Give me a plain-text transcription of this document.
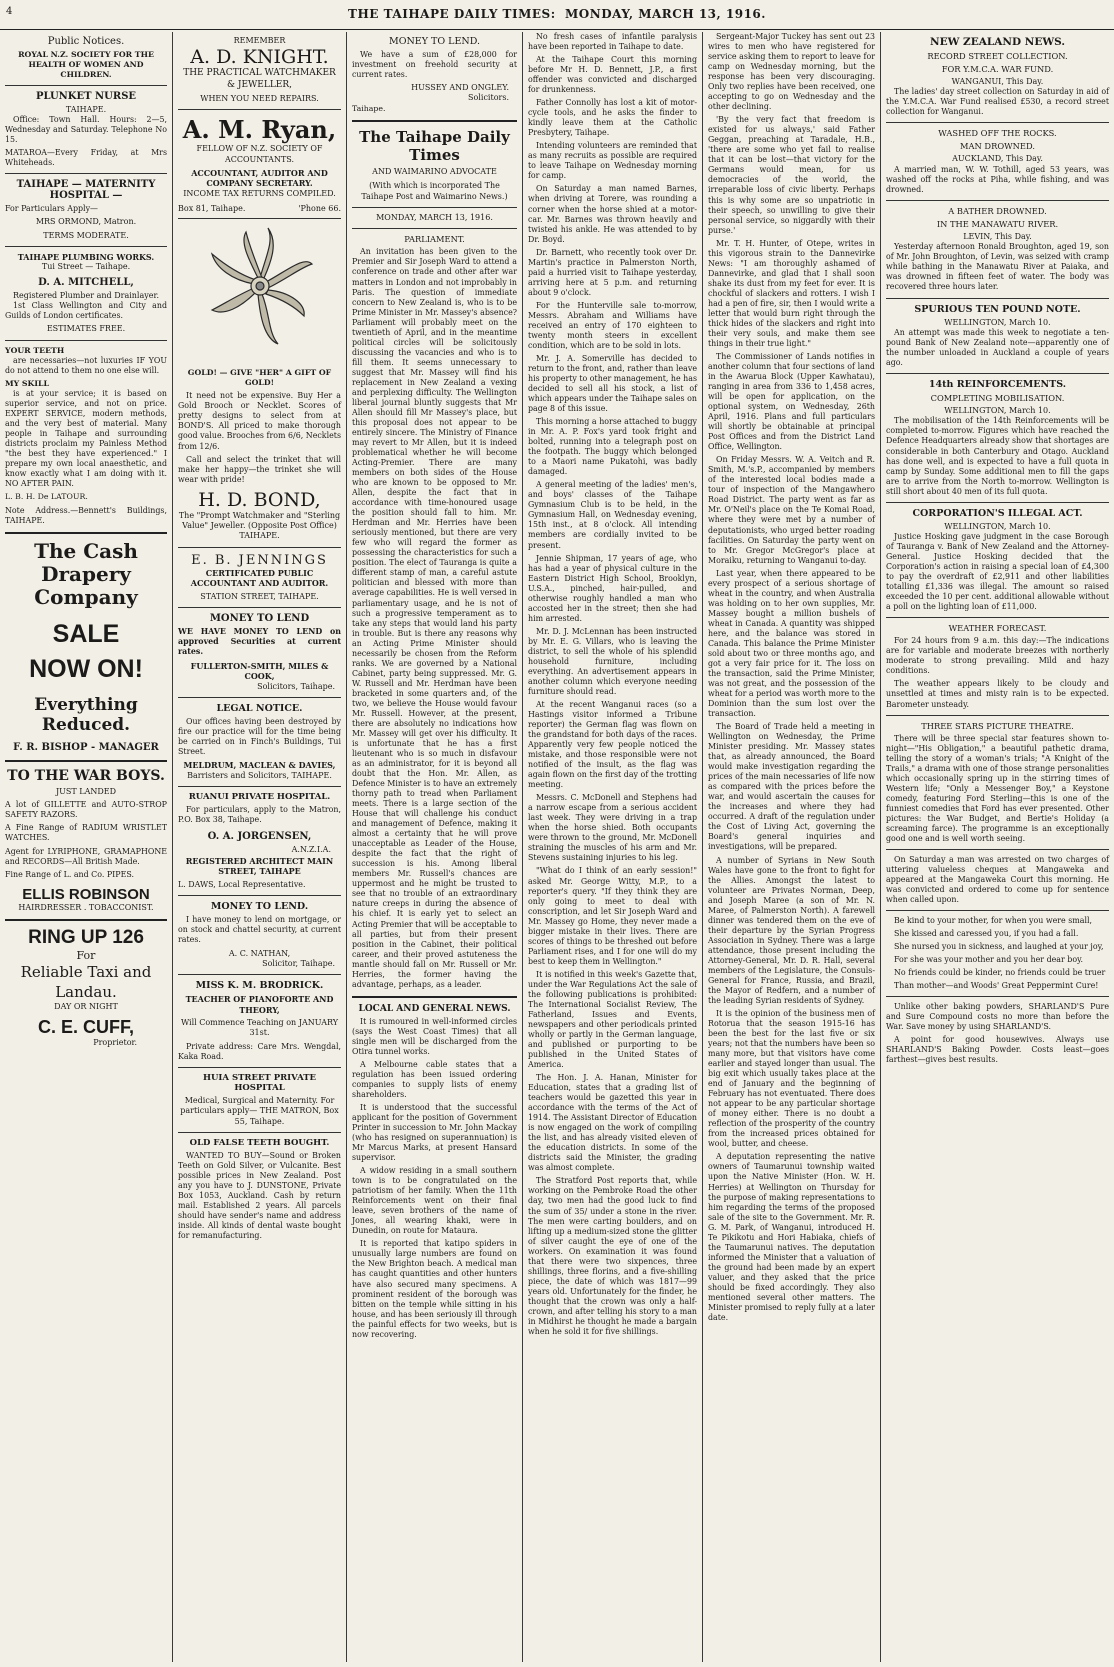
4	THE TAIHAPE DAILY TIMES: MONDAY, MARCH 13, 1916.
Public Notices.

ROYAL N.Z. SOCIETY FOR THE HEALTH OF WOMEN AND CHILDREN.

PLUNKET NURSE
TAIHAPE.

Office: Town Hall. Hours: 2—5, Wednesday and Saturday. Telephone No 15.

MATAROA—Every Friday, at Mrs Whiteheads.

TAIHAPE — MATERNITY HOSPITAL —

For Particulars Apply—

MRS ORMOND, Matron.
TERMS MODERATE.
TAIHAPE PLUMBING WORKS.
Tui Street — Taihape.
D. A. MITCHELL,
Registered Plumber and Drainlayer.

1st Class Wellington and City and Guilds of London certificates.

ESTIMATES FREE.
YOUR TEETH

are necessaries—not luxuries IF YOU do not attend to them no one else will.

MY SKILL

is at your service; it is based on superior service, and not on price. EXPERT SERVICE, modern methods, and the very best of material. Many people in Taihape and surrounding districts proclaim my Painless Method "the best they have experienced." I prepare my own local anaesthetic, and know exactly what I am doing with it. NO AFTER PAIN.

L. B. H. De LATOUR.

Note Address.—Bennett's Buildings, TAIHAPE.

The Cash Drapery Company
SALE NOW ON!
Everything Reduced.
F. R. BISHOP - MANAGER
TO THE WAR BOYS.
JUST LANDED

A lot of GILLETTE and AUTO-STROP SAFETY RAZORS.

A Fine Range of RADIUM WRISTLET WATCHES.

Agent for LYRIPHONE, GRAMAPHONE and RECORDS—All British Made.

Fine Range of L. and Co. PIPES.

ELLIS ROBINSON
HAIRDRESSER . TOBACCONIST.
RING UP 126
For
Reliable Taxi and Landau.
DAY OR NIGHT
C. E. CUFF,
Proprietor.
REMEMBER
A. D. KNIGHT.
THE PRACTICAL WATCHMAKER & JEWELLER,
WHEN YOU NEED REPAIRS.
A. M. Ryan,
FELLOW OF N.Z. SOCIETY OF ACCOUNTANTS.
ACCOUNTANT, AUDITOR AND COMPANY SECRETARY.
INCOME TAX RETURNS COMPILED.
Box 81, Taihape.	'Phone 66.
GOLD! — GIVE "HER" A GIFT OF GOLD!

It need not be expensive. Buy Her a Gold Brooch or Necklet. Scores of pretty designs to select from at BOND'S. All priced to make thorough good value. Brooches from 6/6, Necklets from 12/6.

Call and select the trinket that will make her happy—the trinket she will wear with pride!

H. D. BOND,
The "Prompt Watchmaker and "Sterling Value" Jeweller. (Opposite Post Office) TAIHAPE.
E. B. JENNINGS
CERTIFICATED PUBLIC ACCOUNTANT AND AUDITOR.
STATION STREET, TAIHAPE.
MONEY TO LEND

WE HAVE MONEY TO LEND on approved Securities at current rates.

FULLERTON-SMITH, MILES & COOK,
Solicitors, Taihape.
LEGAL NOTICE.

Our offices having been destroyed by fire our practice will for the time being be carried on in Finch's Buildings, Tui Street.

MELDRUM, MACLEAN & DAVIES,
Barristers and Solicitors, TAIHAPE.
RUANUI PRIVATE HOSPITAL.

For particulars, apply to the Matron, P.O. Box 38, Taihape.

O. A. JORGENSEN,
A.N.Z.I.A.
REGISTERED ARCHITECT MAIN STREET, TAIHAPE

L. DAWS, Local Representative.

MONEY TO LEND.

I have money to lend on mortgage, or on stock and chattel security, at current rates.

A. C. NATHAN,
Solicitor, Taihape.
MISS K. M. BRODRICK.
TEACHER OF PIANOFORTE AND THEORY,
Will Commence Teaching on JANUARY 31st.

Private address: Care Mrs. Wengdal, Kaka Road.

HUIA STREET PRIVATE HOSPITAL
Medical, Surgical and Maternity. For particulars apply— THE MATRON, Box 55, Taihape.
OLD FALSE TEETH BOUGHT.

WANTED TO BUY—Sound or Broken Teeth on Gold Silver, or Vulcanite. Best possible prices in New Zealand. Post any you have to J. DUNSTONE, Private Box 1053, Auckland. Cash by return mail. Established 2 years. All parcels should have sender's name and address inside. All kinds of dental waste bought for remanufacturing.

MONEY TO LEND.

We have a sum of £28,000 for investment on freehold security at current rates.

HUSSEY AND ONGLEY.
Solicitors.
Taihape.
The Taihape Daily Times
AND WAIMARINO ADVOCATE
(With which is incorporated The Taihape Post and Waimarino News.)
MONDAY, MARCH 13, 1916.
PARLIAMENT.

An invitation has been given to the Premier and Sir Joseph Ward to attend a conference on trade and other after war matters in London and not improbably in Paris. The question of immediate concern to New Zealand is, who is to be Prime Minister in Mr. Massey's absence? Parliament will probably meet on the twentieth of April, and in the meantime political circles will be solicitously discussing the vacancies and who is to fill them. It seems unnecessary to suggest that Mr. Massey will find his replacement in New Zealand a vexing and perplexing difficulty. The Wellington liberal journal bluntly suggests that Mr Allen should fill Mr Massey's place, but this proposal does not appear to be entirely sincere. The Ministry of Finance may revert to Mr Allen, but it is indeed problematical whether he will become Acting-Premier. There are many members on both sides of the House who are known to be opposed to Mr. Allen, despite the fact that in accordance with time-honoured usage the position should fall to him. Mr. Herdman and Mr. Herries have been seriously mentioned, but there are very few who will regard the former as possessing the characteristics for such a position. The elect of Tauranga is quite a different stamp of man, a careful astute politician and blessed with more than average capabilities. He is well versed in parliamentary usage, and he is not of such a progressive temperament as to take any steps that would land his party in trouble. But is there any reasons why an Acting Prime Minister should necessarily be chosen from the Reform ranks. We are governed by a National Cabinet, party being suppressed. Mr. G. W. Russell and Mr. Herdman have been bracketed in some quarters and, of the two, we believe the House would favour Mr. Russell. However, at the present, there are absolutely no indications how Mr. Massey will get over his difficulty. It is unfortunate that he has a first lieutenant who is so much in disfavour as an administrator, for it is beyond all doubt that the Hon. Mr. Allen, as Defence Minister is to have an extremely thorny path to tread when Parliament meets. There is a large section of the House that will challenge his conduct and management of Defence, making it almost a certainty that he will prove unacceptable as Leader of the House, despite the fact that the right of succession is his. Among liberal members Mr. Russell's chances are uppermost and he might be trusted to see that no trouble of an extraordinary nature creeps in during the absence of his chief. It is early yet to select an Acting Premier that will be acceptable to all parties, but from their present position in the Cabinet, their political career, and their proved astuteness the mantle should fall on Mr. Russell or Mr. Herries, the former having the advantage, perhaps, as a leader.

LOCAL AND GENERAL NEWS.

It is rumoured in well-informed circles (says the West Coast Times) that all single men will be discharged from the Otira tunnel works.

A Melbourne cable states that a regulation has been issued ordering companies to supply lists of enemy shareholders.

It is understood that the successful applicant for the position of Government Printer in succession to Mr. John Mackay (who has resigned on superannuation) is Mr Marcus Marks, at present Hansard supervisor.

A widow residing in a small southern town is to be congratulated on the patriotism of her family. When the 11th Reinforcements went on their final leave, seven brothers of the name of Jones, all wearing khaki, were in Dunedin, on route for Mataura.

It is reported that katipo spiders in unusually large numbers are found on the New Brighton beach. A medical man has caught quantities and other hunters have also secured many specimens. A prominent resident of the borough was bitten on the temple while sitting in his house, and has been seriously ill through the painful effects for two weeks, but is now recovering.

No fresh cases of infantile paralysis have been reported in Taihape to date.

At the Taihape Court this morning before Mr H. D. Bennett, J.P., a first offender was convicted and discharged for drunkenness.

Father Connolly has lost a kit of motor-cycle tools, and he asks the finder to kindly leave them at the Catholic Presbytery, Taihape.

Intending volunteers are reminded that as many recruits as possible are required to leave Taihape on Wednesday morning for camp.

On Saturday a man named Barnes, when driving at Torere, was rounding a corner when the horse shied at a motor-car. Mr. Barnes was thrown heavily and twisted his ankle. He was attended to by Dr. Boyd.

Dr. Barnett, who recently took over Dr. Martin's practice in Palmerston North, paid a hurried visit to Taihape yesterday, arriving here at 5 p.m. and returning about 9 o'clock.

For the Hunterville sale to-morrow, Messrs. Abraham and Williams have received an entry of 170 eighteen to twenty month steers in excellent condition, which are to be sold in lots.

Mr. J. A. Somerville has decided to return to the front, and, rather than leave his property to other management, he has decided to sell all his stock, a list of which appears under the Taihape sales on page 8 of this issue.

This morning a horse attached to buggy in Mr. A. P. Fox's yard took fright and bolted, running into a telegraph post on the footpath. The buggy which belonged to a Maori name Pukatohi, was badly damaged.

A general meeting of the ladies' men's, and boys' classes of the Taihape Gymnasium Club is to be held, in the Gymnasium Hall, on Wednesday evening, 15th inst., at 8 o'clock. All intending members are cordially invited to be present.

Jennie Shipman, 17 years of age, who has had a year of physical culture in the Eastern District High School, Brooklyn, U.S.A., pinched, hair-pulled, and otherwise roughly handled a man who accosted her in the street; then she had him arrested.

Mr. D. J. McLennan has been instructed by Mr. E. G. Villars, who is leaving the district, to sell the whole of his splendid household furniture, including everything. An advertisement appears in another column which everyone needing furniture should read.

At the recent Wanganui races (so a Hastings visitor informed a Tribune reporter) the German flag was flown on the grandstand for both days of the races. Apparently very few people noticed the mistake, and those responsible were not notified of the insult, as the flag was again flown on the first day of the trotting meeting.

Messrs. C. McDonell and Stephens had a narrow escape from a serious accident last week. They were driving in a trap when the horse shied. Both occupants were thrown to the ground, Mr. McDonell straining the muscles of his arm and Mr. Stevens sustaining injuries to his leg.

"What do I think of an early session!" asked Mr. George Witty, M.P., to a reporter's query. "If they think they are only going to meet to deal with conscription, and let Sir Joseph Ward and Mr. Massey go Home, they never made a bigger mistake in their lives. There are scores of things to be threshed out before Parliament rises, and I for one will do my best to keep them in Wellington."

It is notified in this week's Gazette that, under the War Regulations Act the sale of the following publications is prohibited: The International Socialist Review, The Fatherland, Issues and Events, newspapers and other periodicals printed wholly or partly in the German language, and published or purporting to be published in the United States of America.

The Hon. J. A. Hanan, Minister for Education, states that a grading list of teachers would be gazetted this year in accordance with the terms of the Act of 1914. The Assistant Director of Education is now engaged on the work of compiling the list, and has already visited eleven of the education districts. In some of the districts said the Minister, the grading was almost complete.

The Stratford Post reports that, while working on the Pembroke Road the other day, two men had the good luck to find the sum of 35/ under a stone in the river. The men were carting boulders, and on lifting up a medium-sized stone the glitter of silver caught the eye of one of the workers. On examination it was found that there were two sixpences, three shillings, three florins, and a five-shilling piece, the date of which was 1817—99 years old. Unfortunately for the finder, he thought that the crown was only a half-crown, and after telling his story to a man in Midhirst he thought he made a bargain when he sold it for five shillings.

Sergeant-Major Tuckey has sent out 23 wires to men who have registered for service asking them to report to leave for camp on Wednesday morning, but the response has been very discouraging. Only two replies have been received, one accepting to go on Wednesday and the other declining.

'By the very fact that freedom is existed for us always,' said Father Geggan, preaching at Taradale, H.B., 'there are some who yet fail to realise that it can be lost—that victory for the Germans would mean, for us democracies of the world, the irreparable loss of civic liberty. Perhaps this is why some are so unpatriotic in their speech, so unwilling to give their personal service, so niggardly with their purse.'

Mr. T. H. Hunter, of Otepe, writes in this vigorous strain to the Dannevirke News: "I am thoroughly ashamed of Dannevirke, and glad that I shall soon shake its dust from my feet for ever. It is chockful of slackers and rotters. I wish I had a pen of fire, sir, then I would write a letter that would burn right through the thick hides of the slackers and right into their very souls, and make them see things in their true light."

The Commissioner of Lands notifies in another column that four sections of land in the Awarua Block (Upper Kawhatau), ranging in area from 336 to 1,458 acres, will be open for application, on the optional system, on Wednesday, 26th April, 1916. Plans and full particulars will shortly be obtainable at principal Post Offices and from the District Land Office, Wellington.

On Friday Messrs. W. A. Veitch and R. Smith, M.'s.P., accompanied by members of the interested local bodies made a tour of inspection of the Mangawhero Road District. The party went as far as Mr. O'Neil's place on the Te Komai Road, where they were met by a number of deputationists, who urged better roading facilities. On Saturday the party went on to Mr. Gregor McGregor's place at Moraiku, returning to Wanganui to-day.

Last year, when there appeared to be every prospect of a serious shortage of wheat in the country, and when Australia was holding on to her own supplies, Mr. Massey bought a million bushels of wheat in Canada. A quantity was shipped here, and the balance was stored in Canada. This balance the Prime Minister sold about two or three months ago, and got a very fair price for it. The loss on the transaction, said the Prime Minister, was not great, and the possession of the wheat for a period was worth more to the Dominion than the sum lost over the transaction.

The Board of Trade held a meeting in Wellington on Wednesday, the Prime Minister presiding. Mr. Massey states that, as already announced, the Board would make investigation regarding the prices of the main necessaries of life now as compared with the prices before the war, and would ascertain the causes for the increases and where they had occurred. A draft of the regulation under the Cost of Living Act, governing the Board's general inquiries and investigations, will be prepared.

A number of Syrians in New South Wales have gone to the front to fight for the Allies. Amongst the latest to volunteer are Privates Norman, Deep, and Joseph Maree (a son of Mr. N. Maree, of Palmerston North). A farewell dinner was tendered them on the eve of their departure by the Syrian Progress Association in Sydney. There was a large attendance, those present including the Attorney-General, Mr. D. R. Hall, several members of the Legislature, the Consuls-General for France, Russia, and Brazil, the Mayor of Redfern, and a number of the leading Syrian residents of Sydney.

It is the opinion of the business men of Rotorua that the season 1915-16 has been the best for the last five or six years; not that the numbers have been so many more, but that visitors have come earlier and stayed longer than usual. The big exit which usually takes place at the end of January and the beginning of February has not eventuated. There does not appear to be any particular shortage of money either. There is no doubt a reflection of the prosperity of the country from the increased prices obtained for wool, butter, and cheese.

A deputation representing the native owners of Taumarunui township waited upon the Native Minister (Hon. W. H. Herries) at Wellington on Thursday for the purpose of making representations to him regarding the terms of the proposed sale of the site to the Government. Mr. R. G. M. Park, of Wanganui, introduced H. Te Pikikotu and Hori Habiaka, chiefs of the Taumarunui natives. The deputation informed the Minister that a valuation of the ground had been made by an expert valuer, and they asked that the price should be fixed accordingly. They also mentioned several other matters. The Minister promised to reply fully at a later date.

NEW ZEALAND NEWS.
RECORD STREET COLLECTION.
FOR Y.M.C.A. WAR FUND.
WANGANUI, This Day.

The ladies' day street collection on Saturday in aid of the Y.M.C.A. War Fund realised £530, a record street collection for Wanganui.

WASHED OFF THE ROCKS.
MAN DROWNED.
AUCKLAND, This Day.

A married man, W. W. Tothill, aged 53 years, was washed off the rocks at Piha, while fishing, and was drowned.

A BATHER DROWNED.
IN THE MANAWATU RIVER.
LEVIN, This Day.

Yesterday afternoon Ronald Broughton, aged 19, son of Mr. John Broughton, of Levin, was seized with cramp while bathing in the Manawatu River at Paiaka, and was drowned in fifteen feet of water. The body was recovered three hours later.

SPURIOUS TEN POUND NOTE.
WELLINGTON, March 10.

An attempt was made this week to negotiate a ten-pound Bank of New Zealand note—apparently one of the number unloaded in Auckland a couple of years ago.

14th REINFORCEMENTS.
COMPLETING MOBILISATION.
WELLINGTON, March 10.

The mobilisation of the 14th Reinforcements will be completed to-morrow. Figures which have reached the Defence Headquarters already show that shortages are considerable in both Canterbury and Otago. Auckland has done well, and is expected to have a full quota in camp by Sunday. Some additional men to fill the gaps are to arrive from the North to-morrow. Wellington is still short about 40 men of its full quota.

CORPORATION'S ILLEGAL ACT.
WELLINGTON, March 10.

Justice Hosking gave judgment in the case Borough of Tauranga v. Bank of New Zealand and the Attorney-General. Justice Hosking decided that the Corporation's action in raising a special loan of £4,300 to pay the overdraft of £2,911 and other liabilities totalling £1,336 was illegal. The amount so raised exceeded the 10 per cent. additional allowable without a poll on the lighting loan of £11,000.

WEATHER FORECAST.

For 24 hours from 9 a.m. this day:—The indications are for variable and moderate breezes with northerly moderate to strong prevailing. Mild and hazy conditions.

The weather appears likely to be cloudy and unsettled at times and misty rain is to be expected. Barometer unsteady.

THREE STARS PICTURE THEATRE.

There will be three special star features shown to-night—"His Obligation," a beautiful pathetic drama, telling the story of a woman's trials; "A Knight of the Trails," a drama with one of those strange personalities which occasionally spring up in the stirring times of Western life; "Only a Messenger Boy," a Keystone comedy, featuring Ford Sterling—this is one of the funniest comedies that Ford has ever presented. Other pictures: the War Budget, and Bertie's Holiday (a screaming farce). The programme is an exceptionally good one and is well worth seeing.

On Saturday a man was arrested on two charges of uttering valueless cheques at Mangaweka and appeared at the Mangaweka Court this morning. He was convicted and ordered to come up for sentence when called upon.

Be kind to your mother, for when you were small,

She kissed and caressed you, if you had a fall.

She nursed you in sickness, and laughed at your joy,

For she was your mother and you her dear boy.

No friends could be kinder, no friends could be truer

Than mother—and Woods' Great Peppermint Cure!

Unlike other baking powders, SHARLAND'S Pure and Sure Compound costs no more than before the War. Save money by using SHARLAND'S.

A point for good housewives. Always use SHARLAND'S Baking Powder. Costs least—goes farthest—gives best results.
